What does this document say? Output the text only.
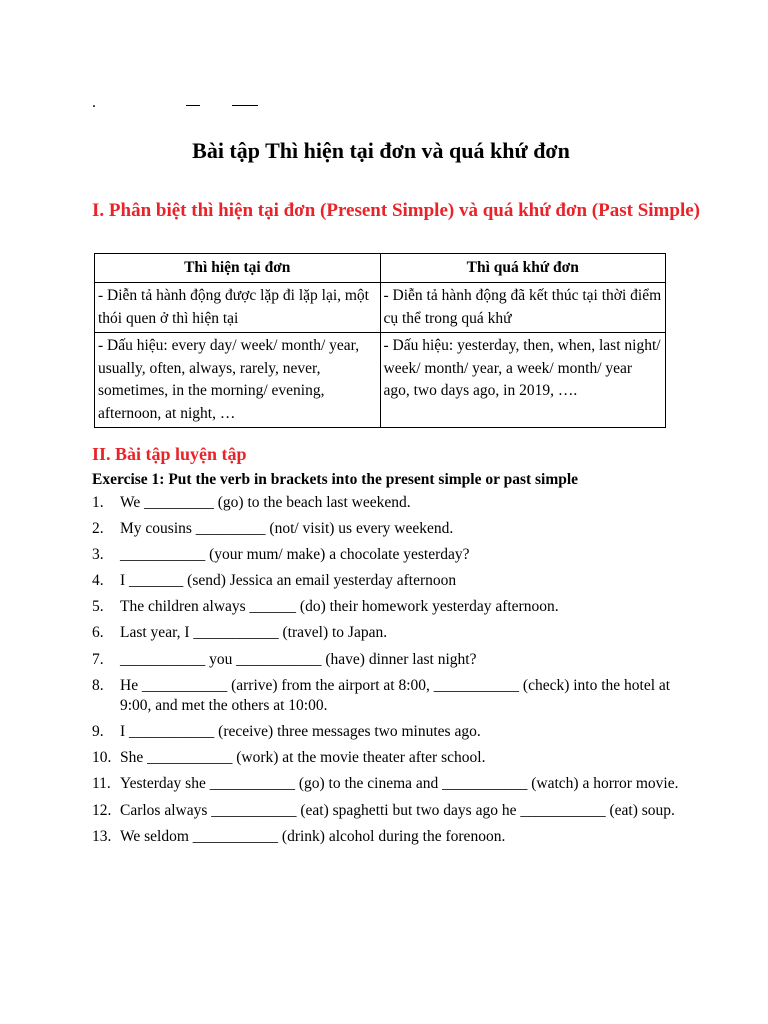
.
Bài tập Thì hiện tại đơn và quá khứ đơn
I. Phân biệt thì hiện tại đơn (Present Simple) và quá khứ đơn (Past Simple)
Thì hiện tại đơn	Thì quá khứ đơn
- Diễn tả hành động được lặp đi lặp lại, một thói quen ở thì hiện tại	- Diễn tả hành động đã kết thúc tại thời điểm cụ thể trong quá khứ
- Dấu hiệu: every day/ week/ month/ year, usually, often, always, rarely, never, sometimes, in the morning/ evening, afternoon, at night, …	- Dấu hiệu: yesterday, then, when, last night/ week/ month/ year, a week/ month/ year ago, two days ago, in 2019, ….
II. Bài tập luyện tập
Exercise 1: Put the verb in brackets into the present simple or past simple
1. We _________ (go) to the beach last weekend.
2. My cousins _________ (not/ visit) us every weekend.
3. ___________ (your mum/ make) a chocolate yesterday?
4. I _______ (send) Jessica an email yesterday afternoon
5. The children always ______ (do) their homework yesterday afternoon.
6. Last year, I ___________ (travel) to Japan.
7. ___________ you ___________ (have) dinner last night?
8. He ___________ (arrive) from the airport at 8:00, ___________ (check) into the hotel at 9:00, and met the others at 10:00.
9. I ___________ (receive) three messages two minutes ago.
10. She ___________ (work) at the movie theater after school.
11. Yesterday she ___________ (go) to the cinema and ___________ (watch) a horror movie.
12. Carlos always ___________ (eat) spaghetti but two days ago he ___________ (eat) soup.
13. We seldom ___________ (drink) alcohol during the forenoon.
